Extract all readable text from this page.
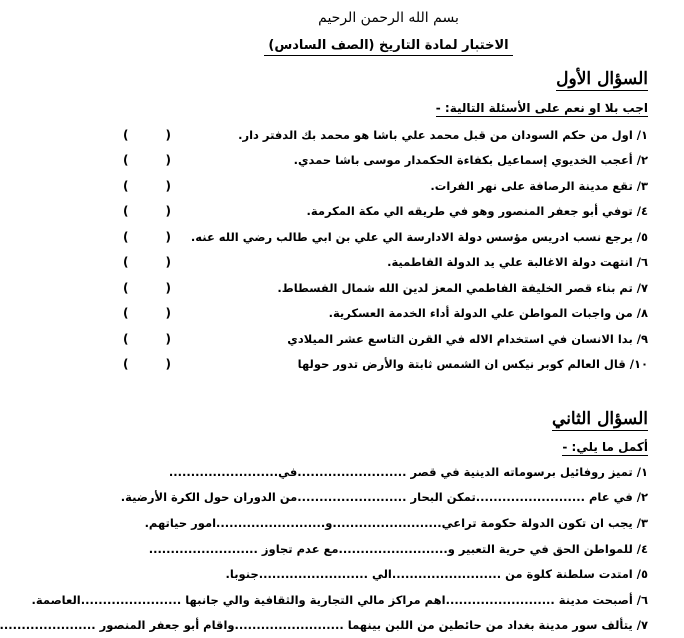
بسم الله الرحمن الرحيم
الاختبار لمادة التاريخ (الصف السادس)
السؤال الأول
اجب بلا او نعم على الأسئلة التالية: -
١/ اول من حكم السودان من قبل محمد علي باشا هو محمد بك الدفتر دار.
(	)
٢/ أعجب الخديوي إسماعيل بكفاءة الحكمدار موسى باشا حمدي.
(	)
٣/ تقع مدينة الرصافة على نهر الفرات.
(	)
٤/ توفي أبو جعفر المنصور وهو في طريقه الي مكة المكرمة.
(	)
٥/ يرجع نسب ادريس مؤسس دولة الادارسة الي علي بن ابي طالب رضي الله عنه.
(	)
٦/ انتهت دولة الاغالبة علي يد الدولة الفاطمية.
(	)
٧/ تم بناء قصر الخليفة الفاطمي المعز لدين الله شمال الفسطاط.
(	)
٨/ من واجبات المواطن علي الدولة أداء الخدمة العسكرية.
(	)
٩/ بدا الانسان في استخدام الاله في القرن التاسع عشر الميلادي
(	)
١٠/ قال العالم كوبر نيكس ان الشمس ثابتة والأرض تدور حولها
(	)
السؤال الثاني
أكمل ما يلي: -
١/ تميز روفائيل برسوماته الدينية في قصر .........................في.........................
٢/ في عام .........................تمكن البحار .........................من الدوران حول الكرة الأرضية.
٣/ يجب ان تكون الدولة حكومة تراعي.........................و.........................امور حياتهم.
٤/ للمواطن الحق في حرية التعبير و.........................مع عدم تجاوز .........................
٥/ امتدت سلطنة كلوة من .........................الي .........................جنوبا.
٦/ أصبحت مدينة .........................اهم مراكز مالي التجارية والثقافية والي جانبها .......................العاصمة.
٧/ يتألف سور مدينة بغداد من حائطين من اللبن بينهما .........................واقام أبو جعفر المنصور ......................
